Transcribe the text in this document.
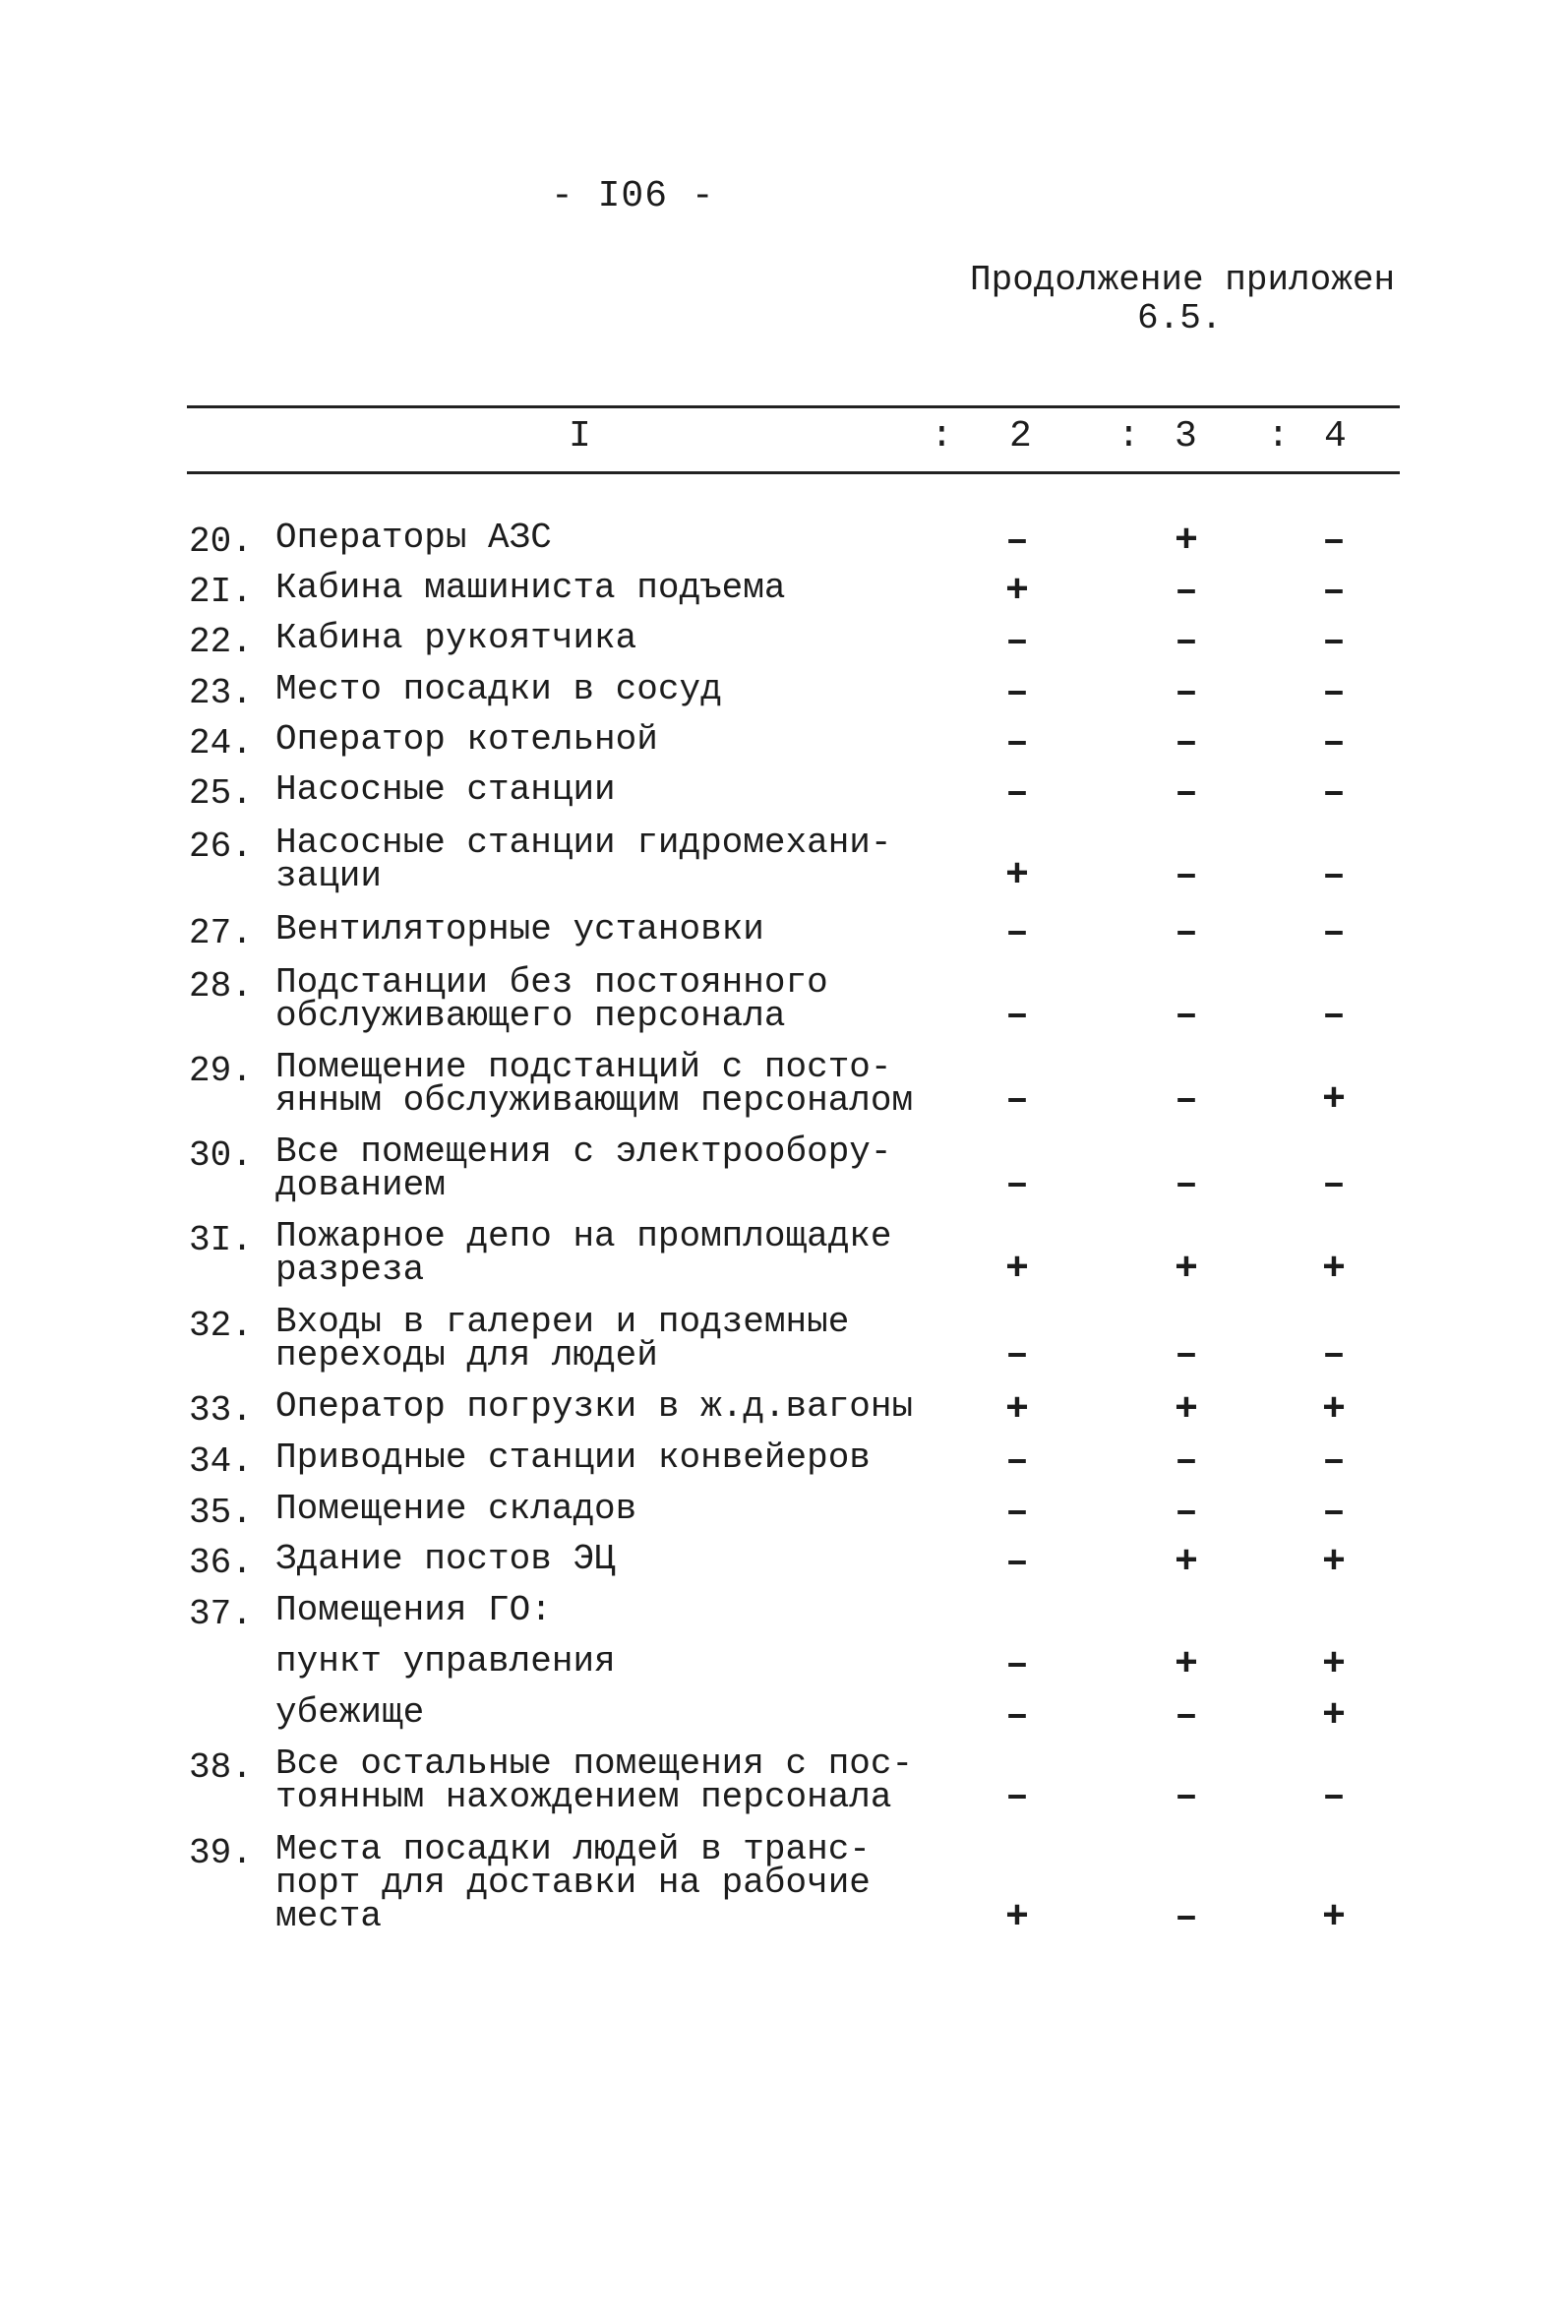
- I06 -
Продолжение приложен
6.5.
I	: 2 : 3 : 4
20. Операторы АЗС	–	+	–
2I. Кабина машиниста подъема	+	–	–
22. Кабина рукоятчика	–	–	–
23. Место посадки в сосуд	–	–	–
24. Оператор котельной	–	–	–
25. Насосные станции	–	–	–
26. Насосные станции гидромехани-
зации	+	–	–
27. Вентиляторные установки	–	–	–
28. Подстанции без постоянного
обслуживающего персонала	–	–	–
29. Помещение подстанций с посто-
янным обслуживающим персоналом –	–	+
30. Все помещения с электрообору-
дованием	–	–	–
3I. Пожарное депо на промплощадке
разреза	+	+	+
32. Входы в галереи и подземные
переходы для людей	–	–	–
33. Оператор погрузки в ж.д.вагоны +	+	+
34. Приводные станции конвейеров	–	–	–
35. Помещение складов	–	–	–
36. Здание постов ЭЦ	–	+	+
37. Помещения ГО:
пункт управления	–	+	+
убежище	–	–	+
38. Все остальные помещения с пос-
тоянным нахождением персонала	–	–	–
39. Места посадки людей в транс-
порт для доставки на рабочие
места	+	–	+
